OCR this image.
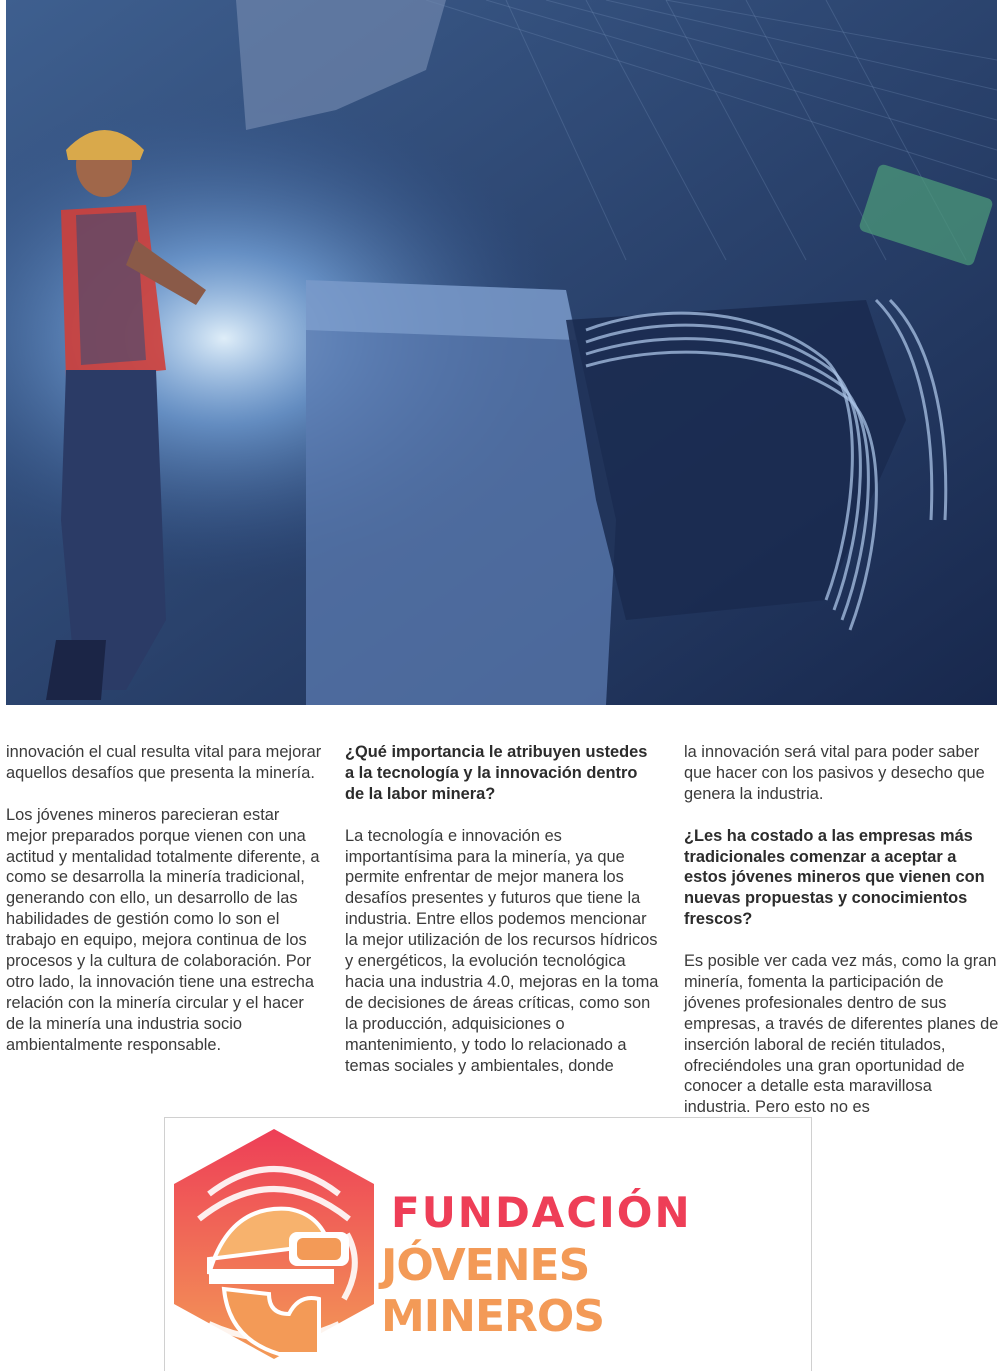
innovación el cual resulta vital para mejorar aquellos desafíos que presenta la minería.

Los jóvenes mineros parecieran estar mejor preparados porque vienen con una actitud y mentalidad totalmente diferente, a como se desarrolla la minería tradicional, generando con ello, un desarrollo de las habilidades de gestión como lo son el trabajo en equipo, mejora continua de los procesos y la cultura de colaboración. Por otro lado, la innovación tiene una estrecha relación con la minería circular y el hacer de la minería una industria socio ambientalmente responsable.

¿Qué importancia le atribuyen ustedes a la tecnología y la innovación dentro de la labor minera?

La tecnología e innovación es importantísima para la minería, ya que permite enfrentar de mejor manera los desafíos presentes y futuros que tiene la industria. Entre ellos podemos mencionar la mejor utilización de los recursos hídricos y energéticos, la evolución tecnológica hacia una industria 4.0, mejoras en la toma de decisiones de áreas críticas, como son la producción, adquisiciones o mantenimiento, y todo lo relacionado a temas sociales y ambientales, donde

la innovación será vital para poder saber que hacer con los pasivos y desecho que genera la industria.

¿Les ha costado a las empresas más tradicionales comenzar a aceptar a estos jóvenes mineros que vienen con nuevas propuestas y conocimientos frescos?

Es posible ver cada vez más, como la gran minería, fomenta la participación de jóvenes profesionales dentro de sus empresas, a través de diferentes planes de inserción laboral de recién titulados, ofreciéndoles una gran oportunidad de conocer a detalle esta maravillosa industria. Pero esto no es

FUNDACIÓN
JÓVENES MINEROS
